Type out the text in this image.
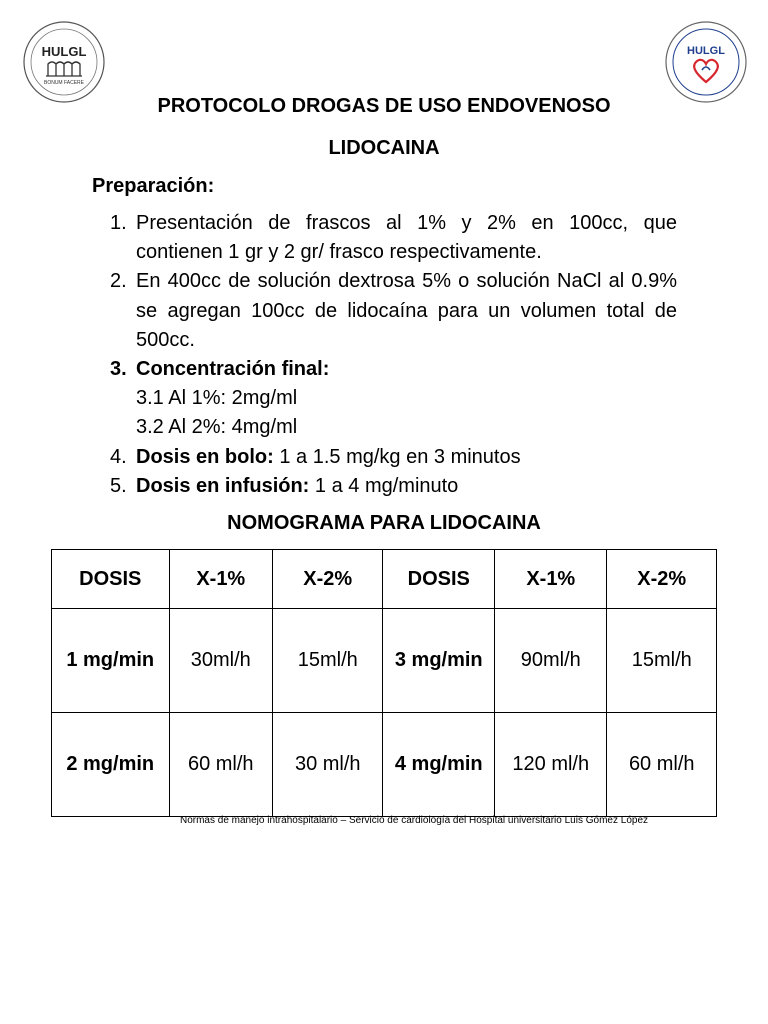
HULGL
BONUM FACERE
HULGL
PROTOCOLO DROGAS DE USO ENDOVENOSO
LIDOCAINA
Preparación:
1. Presentación de frascos al 1% y 2% en 100cc, que contienen 1 gr y 2 gr/ frasco respectivamente.
2. En 400cc de solución dextrosa 5% o solución NaCl al 0.9% se agregan 100cc de lidocaína para un volumen total de 500cc.
3. Concentración final:
3.1 Al 1%: 2mg/ml
3.2 Al 2%: 4mg/ml
4. Dosis en bolo: 1 a 1.5 mg/kg en 3 minutos
5. Dosis en infusión: 1 a 4 mg/minuto
NOMOGRAMA PARA LIDOCAINA
DOSIS	X-1%	X-2%	DOSIS	X-1%	X-2%
1 mg/min	30ml/h	15ml/h	3 mg/min	90ml/h	15ml/h
2 mg/min	60 ml/h	30 ml/h	4 mg/min	120 ml/h	60 ml/h
Normas de manejo intrahospitalario – Servicio de cardiología del Hospital universitario Luis Gómez López
